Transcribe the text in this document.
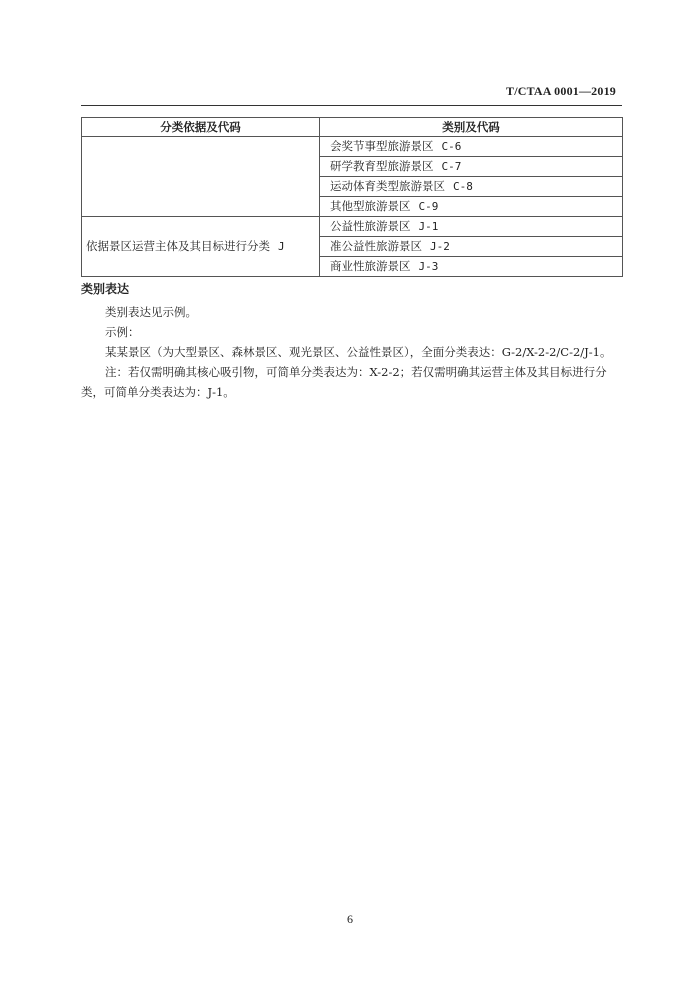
T/CTAA 0001—2019
分类依据及代码	类别及代码
	会奖节事型旅游景区 C-6
	研学教育型旅游景区 C-7
	运动体育类型旅游景区 C-8
	其他型旅游景区 C-9
依据景区运营主体及其目标进行分类 J	公益性旅游景区 J-1
	准公益性旅游景区 J-2
	商业性旅游景区 J-3
类别表达

类别表达见示例。

示例：

某某景区（为大型景区、森林景区、观光景区、公益性景区），全面分类表达：G-2/X-2-2/C-2/J-1。

注：若仅需明确其核心吸引物，可简单分类表达为：X-2-2；若仅需明确其运营主体及其目标进行分类，可简单分类表达为：J-1。

6
